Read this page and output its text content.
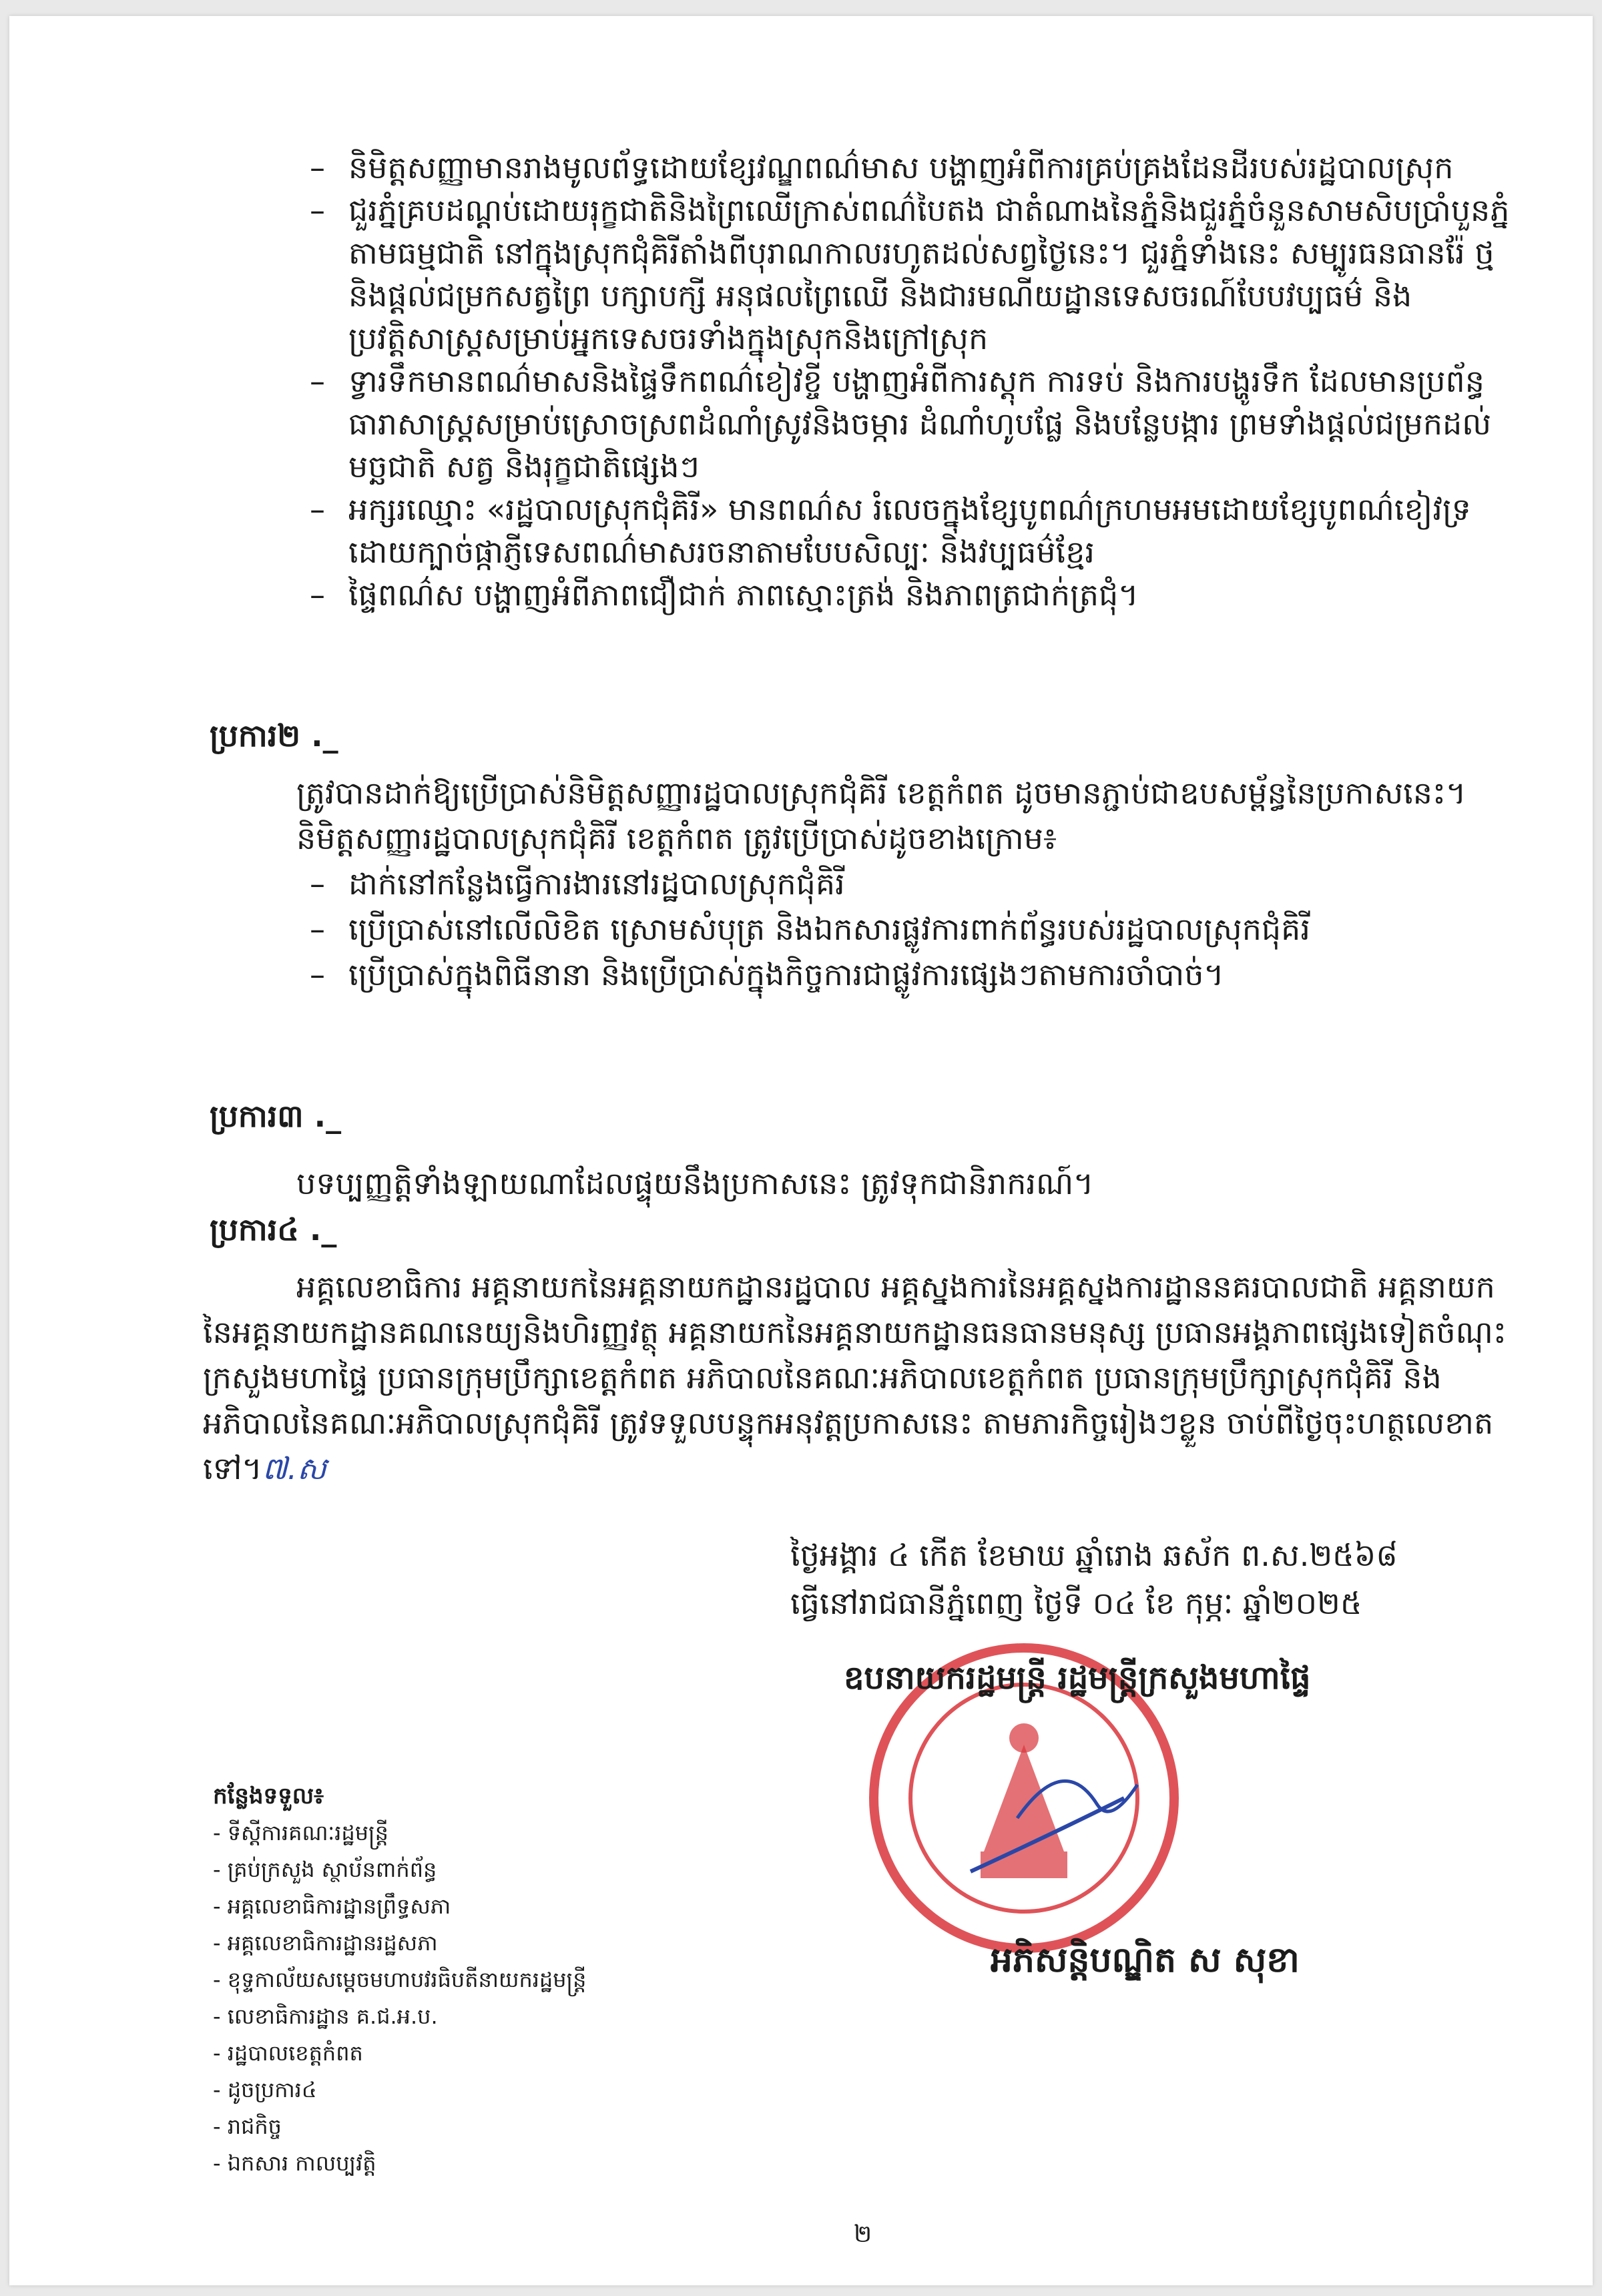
– និមិត្តសញ្ញាមានរាងមូលព័ទ្ធដោយខ្សែវណ្ឌពណ៌មាស បង្ហាញអំពីការគ្រប់គ្រងដែនដីរបស់រដ្ឋបាលស្រុក
– ជួរភ្នំគ្របដណ្តប់ដោយរុក្ខជាតិនិងព្រៃឈើក្រាស់ពណ៌បៃតង ជាតំណាងនៃភ្នំនិងជួរភ្នំចំនួនសាមសិបប្រាំបួនភ្នំតាមធម្មជាតិ នៅក្នុងស្រុកជុំគិរីតាំងពីបុរាណកាលរហូតដល់សព្វថ្ងៃនេះ។ ជួរភ្នំទាំងនេះ សម្បូរធនធានរ៉ែ ថ្ម និងផ្តល់ជម្រកសត្វព្រៃ បក្សាបក្សី អនុផលព្រៃឈើ និងជារមណីយដ្ឋានទេសចរណ៍បែបវប្បធម៌ និងប្រវត្តិសាស្ត្រសម្រាប់អ្នកទេសចរទាំងក្នុងស្រុកនិងក្រៅស្រុក
– ទ្វារទឹកមានពណ៌មាសនិងផ្ទៃទឹកពណ៌ខៀវខ្ចី បង្ហាញអំពីការស្តុក ការទប់ និងការបង្ហូរទឹក ដែលមានប្រព័ន្ធធារាសាស្ត្រសម្រាប់ស្រោចស្រពដំណាំស្រូវនិងចម្ការ ដំណាំហូបផ្លែ និងបន្លែបង្ការ ព្រមទាំងផ្តល់ជម្រកដល់មច្ឆជាតិ សត្វ និងរុក្ខជាតិផ្សេងៗ
– អក្សរឈ្មោះ «រដ្ឋបាលស្រុកជុំគិរី» មានពណ៌ស រំលេចក្នុងខ្សែបូពណ៌ក្រហមអមដោយខ្សែបូពណ៌ខៀវទ្រដោយក្បាច់ផ្កាភ្ញីទេសពណ៌មាសរចនាតាមបែបសិល្បៈ និងវប្បធម៌ខ្មែរ
– ផ្ទៃពណ៌ស បង្ហាញអំពីភាពជឿជាក់ ភាពស្មោះត្រង់ និងភាពត្រជាក់ត្រជុំ។
ប្រការ២ ._
ត្រូវបានដាក់ឱ្យប្រើប្រាស់និមិត្តសញ្ញារដ្ឋបាលស្រុកជុំគិរី ខេត្តកំពត ដូចមានភ្ជាប់ជាឧបសម្ព័ន្ធនៃប្រកាសនេះ។
និមិត្តសញ្ញារដ្ឋបាលស្រុកជុំគិរី ខេត្តកំពត ត្រូវប្រើប្រាស់ដូចខាងក្រោម៖
– ដាក់នៅកន្លែងធ្វើការងារនៅរដ្ឋបាលស្រុកជុំគិរី
– ប្រើប្រាស់នៅលើលិខិត ស្រោមសំបុត្រ និងឯកសារផ្លូវការពាក់ព័ន្ធរបស់រដ្ឋបាលស្រុកជុំគិរី
– ប្រើប្រាស់ក្នុងពិធីនានា និងប្រើប្រាស់ក្នុងកិច្ចការជាផ្លូវការផ្សេងៗតាមការចាំបាច់។
ប្រការ៣ ._
បទប្បញ្ញត្តិទាំងឡាយណាដែលផ្ទុយនឹងប្រកាសនេះ ត្រូវទុកជានិរាករណ៍។
ប្រការ៤ ._
អគ្គលេខាធិការ អគ្គនាយកនៃអគ្គនាយកដ្ឋានរដ្ឋបាល អគ្គស្នងការនៃអគ្គស្នងការដ្ឋាននគរបាលជាតិ អគ្គនាយកនៃអគ្គនាយកដ្ឋានគណនេយ្យនិងហិរញ្ញវត្ថុ អគ្គនាយកនៃអគ្គនាយកដ្ឋានធនធានមនុស្ស ប្រធានអង្គភាពផ្សេងទៀតចំណុះក្រសួងមហាផ្ទៃ ប្រធានក្រុមប្រឹក្សាខេត្តកំពត អភិបាលនៃគណៈអភិបាលខេត្តកំពត ប្រធានក្រុមប្រឹក្សាស្រុកជុំគិរី និងអភិបាលនៃគណៈអភិបាលស្រុកជុំគិរី ត្រូវទទួលបន្ទុកអនុវត្តប្រកាសនេះ តាមភារកិច្ចរៀងៗខ្លួន ចាប់ពីថ្ងៃចុះហត្ថលេខាតទៅ។៧.ស
ថ្ងៃអង្គារ ៤ កើត ខែមាឃ ឆ្នាំរោង ឆស័ក ព.ស.២៥៦៨
ធ្វើនៅរាជធានីភ្នំពេញ ថ្ងៃទី ០៤ ខែ កុម្ភៈ ឆ្នាំ២០២៥
ឧបនាយករដ្ឋមន្ត្រី រដ្ឋមន្ត្រីក្រសួងមហាផ្ទៃ
អភិសន្តិបណ្ឌិត ស សុខា
កន្លែងទទួល៖
- ទីស្តីការគណៈរដ្ឋមន្ត្រី
- គ្រប់ក្រសួង ស្ថាប័នពាក់ព័ន្ធ
- អគ្គលេខាធិការដ្ឋានព្រឹទ្ធសភា
- អគ្គលេខាធិការដ្ឋានរដ្ឋសភា
- ខុទ្ទកាល័យសម្តេចមហាបវរធិបតីនាយករដ្ឋមន្ត្រី
- លេខាធិការដ្ឋាន គ.ជ.អ.ប.
- រដ្ឋបាលខេត្តកំពត
- ដូចប្រការ៤
- រាជកិច្ច
- ឯកសារ កាលប្បវត្តិ
២
